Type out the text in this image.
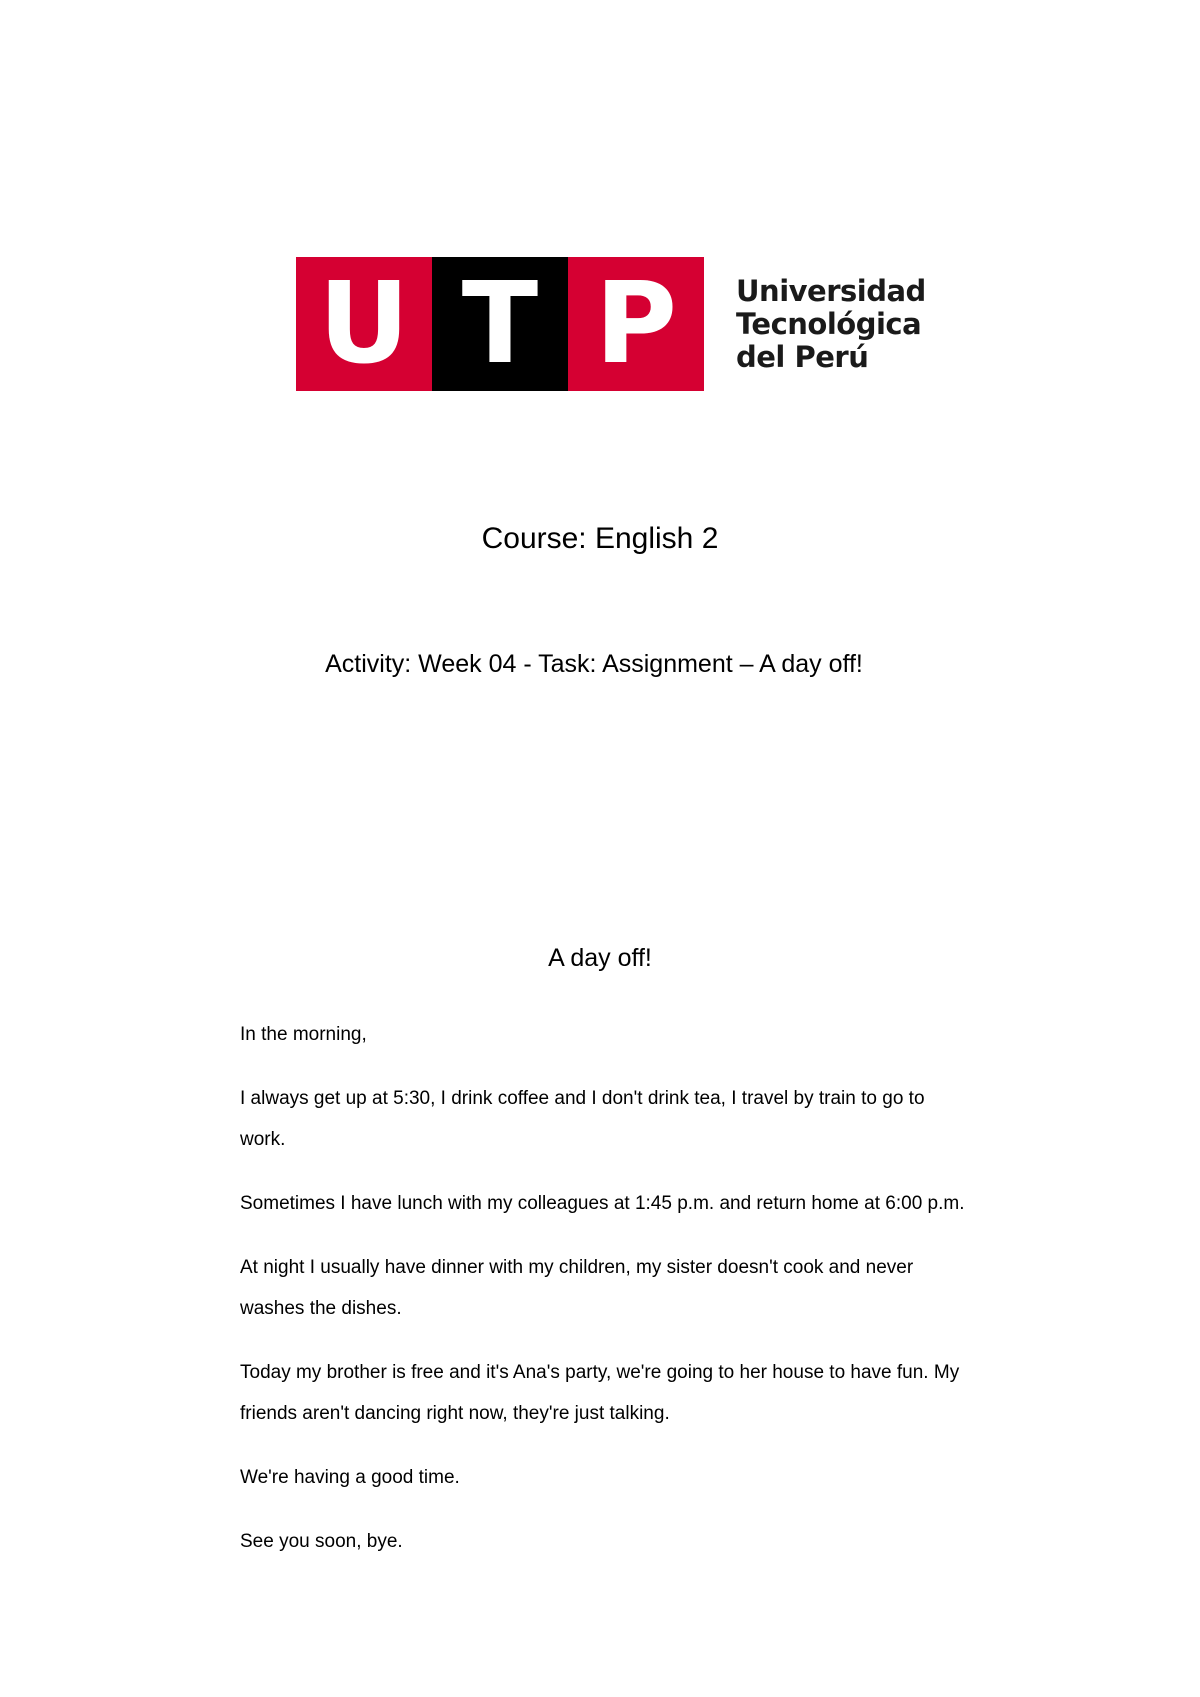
U T P	Universidad
Tecnológica
del Perú
Course: English 2
Activity: Week 04 - Task: Assignment – A day off!
A day off!

In the morning,

I always get up at 5:30, I drink coffee and I don't drink tea, I travel by train to go to work.

Sometimes I have lunch with my colleagues at 1:45 p.m. and return home at 6:00 p.m.

At night I usually have dinner with my children, my sister doesn't cook and never washes the dishes.

Today my brother is free and it's Ana's party, we're going to her house to have fun. My friends aren't dancing right now, they're just talking.

We're having a good time.

See you soon, bye.
